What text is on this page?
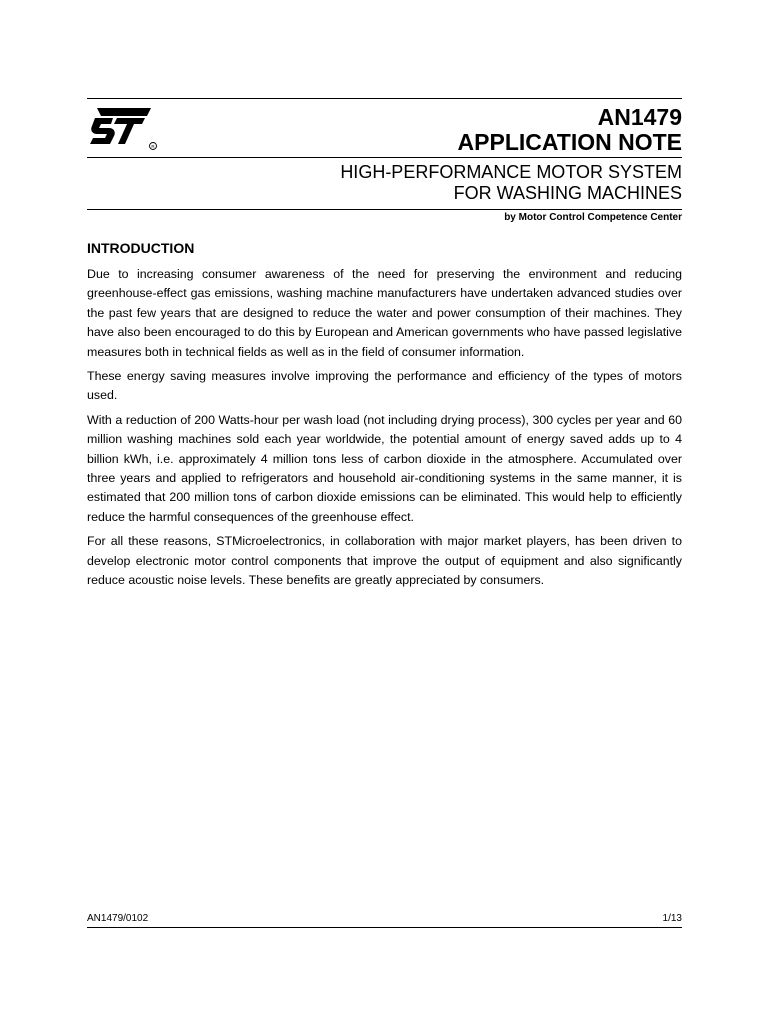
R
AN1479
APPLICATION NOTE
HIGH-PERFORMANCE MOTOR SYSTEM
FOR WASHING MACHINES
by Motor Control Competence Center
INTRODUCTION

Due to increasing consumer awareness of the need for preserving the environment and reducing greenhouse-effect gas emissions, washing machine manufacturers have undertaken advanced studies over the past few years that are designed to reduce the water and power consumption of their machines. They have also been encouraged to do this by European and American governments who have passed legislative measures both in technical fields as well as in the field of consumer information.

These energy saving measures involve improving the performance and efficiency of the types of motors used.

With a reduction of 200 Watts-hour per wash load (not including drying process), 300 cycles per year and 60 million washing machines sold each year worldwide, the potential amount of energy saved adds up to 4 billion kWh, i.e. approximately 4 million tons less of carbon dioxide in the atmosphere. Accumulated over three years and applied to refrigerators and household air-conditioning systems in the same manner, it is estimated that 200 million tons of carbon dioxide emissions can be eliminated. This would help to efficiently reduce the harmful consequences of the greenhouse effect.

For all these reasons, STMicroelectronics, in collaboration with major market players, has been driven to develop electronic motor control components that improve the output of equipment and also significantly reduce acoustic noise levels. These benefits are greatly appreciated by consumers.

AN1479/0102	1/13
